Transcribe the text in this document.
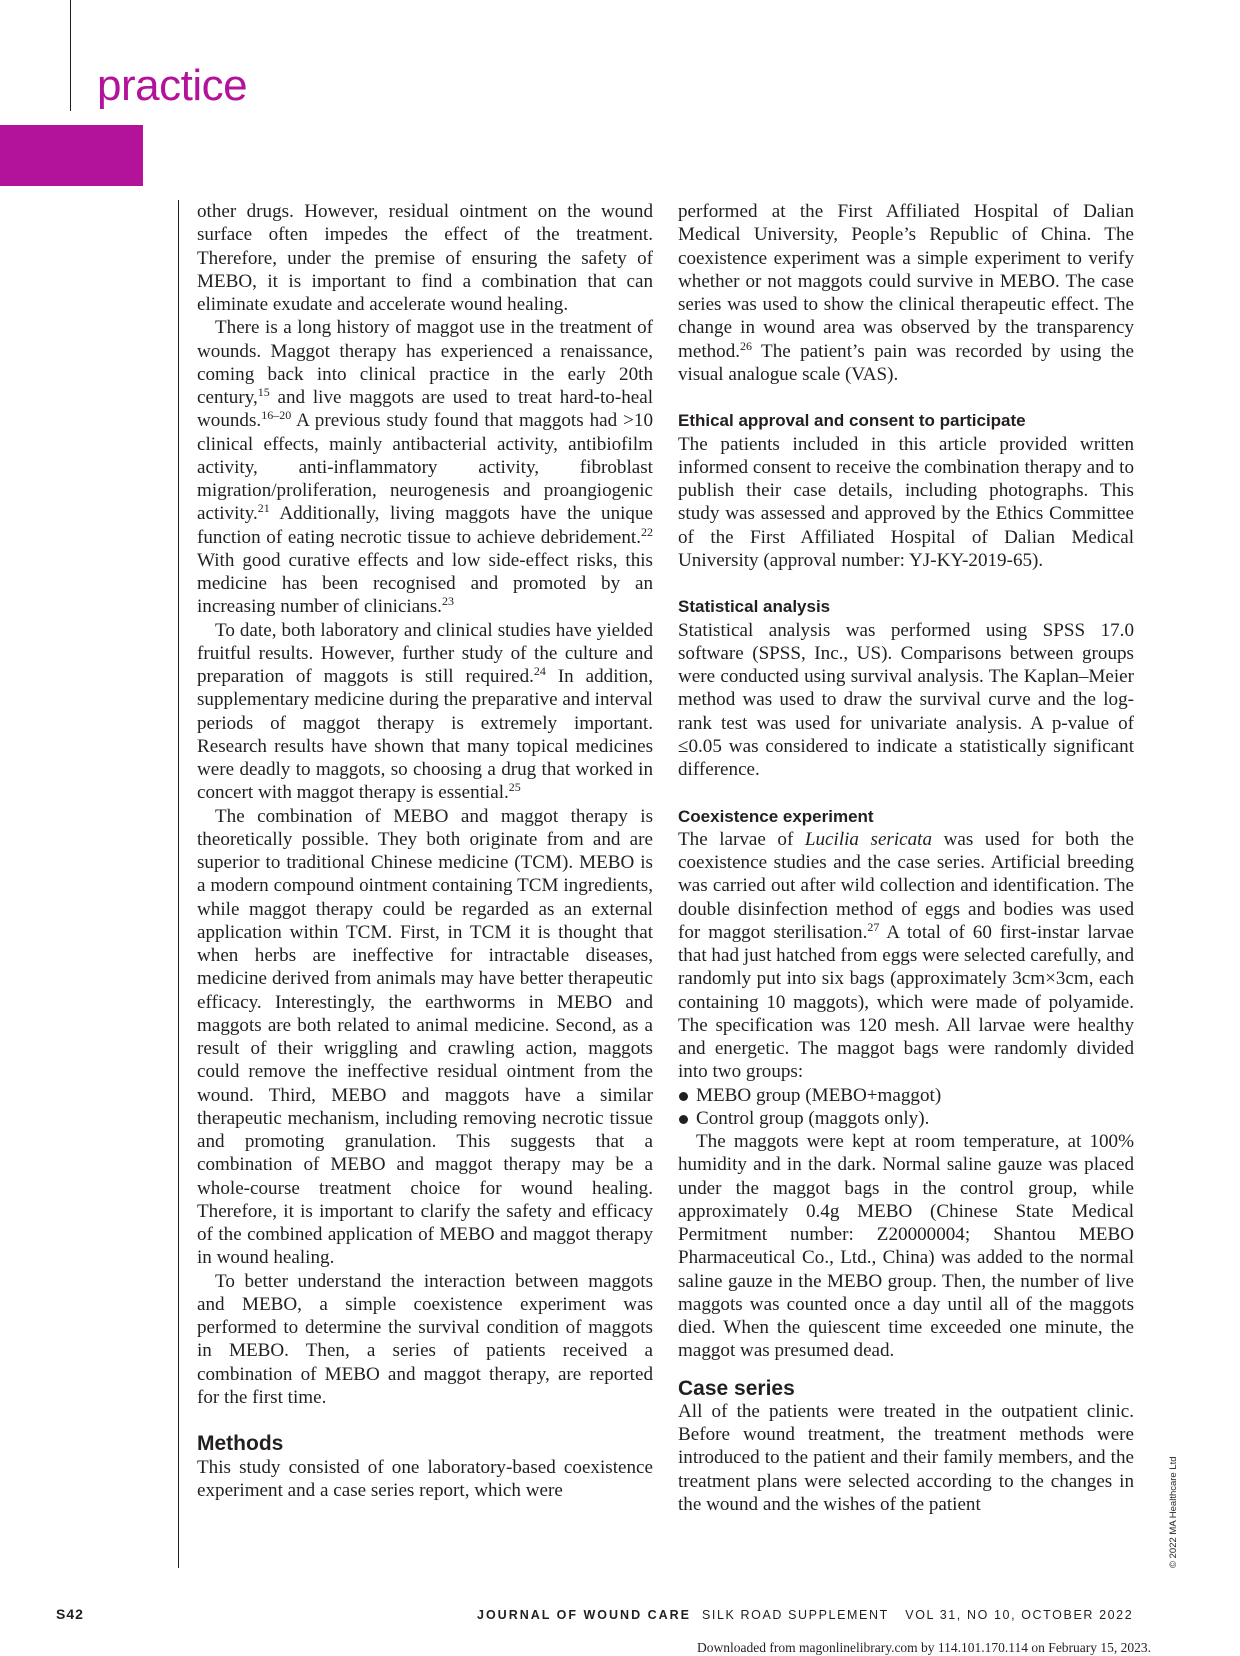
practice

other drugs. However, residual ointment on the wound surface often impedes the effect of the treatment. Therefore, under the premise of ensuring the safety of MEBO, it is important to find a combination that can eliminate exudate and accelerate wound healing.

There is a long history of maggot use in the treatment of wounds. Maggot therapy has experienced a renaissance, coming back into clinical practice in the early 20th century,$^{15}$ and live maggots are used to treat hard-to-heal wounds.$^{16-20}$ A previous study found that maggots had >10 clinical effects, mainly antibacterial activity, antibiofilm activity, anti-inflammatory activity, fibroblast migration/proliferation, neurogenesis and proangiogenic activity.$^{21}$ Additionally, living maggots have the unique function of eating necrotic tissue to achieve debridement.$^{22}$ With good curative effects and low side-effect risks, this medicine has been recognised and promoted by an increasing number of clinicians.$^{23}$

To date, both laboratory and clinical studies have yielded fruitful results. However, further study of the culture and preparation of maggots is still required.$^{24}$ In addition, supplementary medicine during the preparative and interval periods of maggot therapy is extremely important. Research results have shown that many topical medicines were deadly to maggots, so choosing a drug that worked in concert with maggot therapy is essential.$^{25}$

The combination of MEBO and maggot therapy is theoretically possible. They both originate from and are superior to traditional Chinese medicine (TCM). MEBO is a modern compound ointment containing TCM ingredients, while maggot therapy could be regarded as an external application within TCM. First, in TCM it is thought that when herbs are ineffective for intractable diseases, medicine derived from animals may have better therapeutic efficacy. Interestingly, the earthworms in MEBO and maggots are both related to animal medicine. Second, as a result of their wriggling and crawling action, maggots could remove the ineffective residual ointment from the wound. Third, MEBO and maggots have a similar therapeutic mechanism, including removing necrotic tissue and promoting granulation. This suggests that a combination of MEBO and maggot therapy may be a whole-course treatment choice for wound healing. Therefore, it is important to clarify the safety and efficacy of the combined application of MEBO and maggot therapy in wound healing.

To better understand the interaction between maggots and MEBO, a simple coexistence experiment was performed to determine the survival condition of maggots in MEBO. Then, a series of patients received a combination of MEBO and maggot therapy, are reported for the first time.

Methods

This study consisted of one laboratory-based coexistence experiment and a case series report, which were

performed at the First Affiliated Hospital of Dalian Medical University, People’s Republic of China. The coexistence experiment was a simple experiment to verify whether or not maggots could survive in MEBO. The case series was used to show the clinical therapeutic effect. The change in wound area was observed by the transparency method.$^{26}$ The patient’s pain was recorded by using the visual analogue scale (VAS).

Ethical approval and consent to participate

The patients included in this article provided written informed consent to receive the combination therapy and to publish their case details, including photographs. This study was assessed and approved by the Ethics Committee of the First Affiliated Hospital of Dalian Medical University (approval number: YJ-KY-2019-65).

Statistical analysis

Statistical analysis was performed using SPSS 17.0 software (SPSS, Inc., US). Comparisons between groups were conducted using survival analysis. The Kaplan–Meier method was used to draw the survival curve and the log-rank test was used for univariate analysis. A p-value of ≤0.05 was considered to indicate a statistically significant difference.

Coexistence experiment

The larvae of Lucilia sericata was used for both the coexistence studies and the case series. Artificial breeding was carried out after wild collection and identification. The double disinfection method of eggs and bodies was used for maggot sterilisation.$^{27}$ A total of 60 first-instar larvae that had just hatched from eggs were selected carefully, and randomly put into six bags (approximately 3cm×3cm, each containing 10 maggots), which were made of polyamide. The specification was 120 mesh. All larvae were healthy and energetic. The maggot bags were randomly divided into two groups:

MEBO group (MEBO+maggot)
Control group (maggots only).

The maggots were kept at room temperature, at 100% humidity and in the dark. Normal saline gauze was placed under the maggot bags in the control group, while approximately 0.4g MEBO (Chinese State Medical Permitment number: Z20000004; Shantou MEBO Pharmaceutical Co., Ltd., China) was added to the normal saline gauze in the MEBO group. Then, the number of live maggots was counted once a day until all of the maggots died. When the quiescent time exceeded one minute, the maggot was presumed dead.

Case series

All of the patients were treated in the outpatient clinic. Before wound treatment, the treatment methods were introduced to the patient and their family members, and the treatment plans were selected according to the changes in the wound and the wishes of the patient	© 2022 MA Healthcare Ltd
S42	JOURNAL OF WOUND CARE SILK ROAD SUPPLEMENT VOL 31, NO 10, OCTOBER 2022
Downloaded from magonlinelibrary.com by 114.101.170.114 on February 15, 2023.
